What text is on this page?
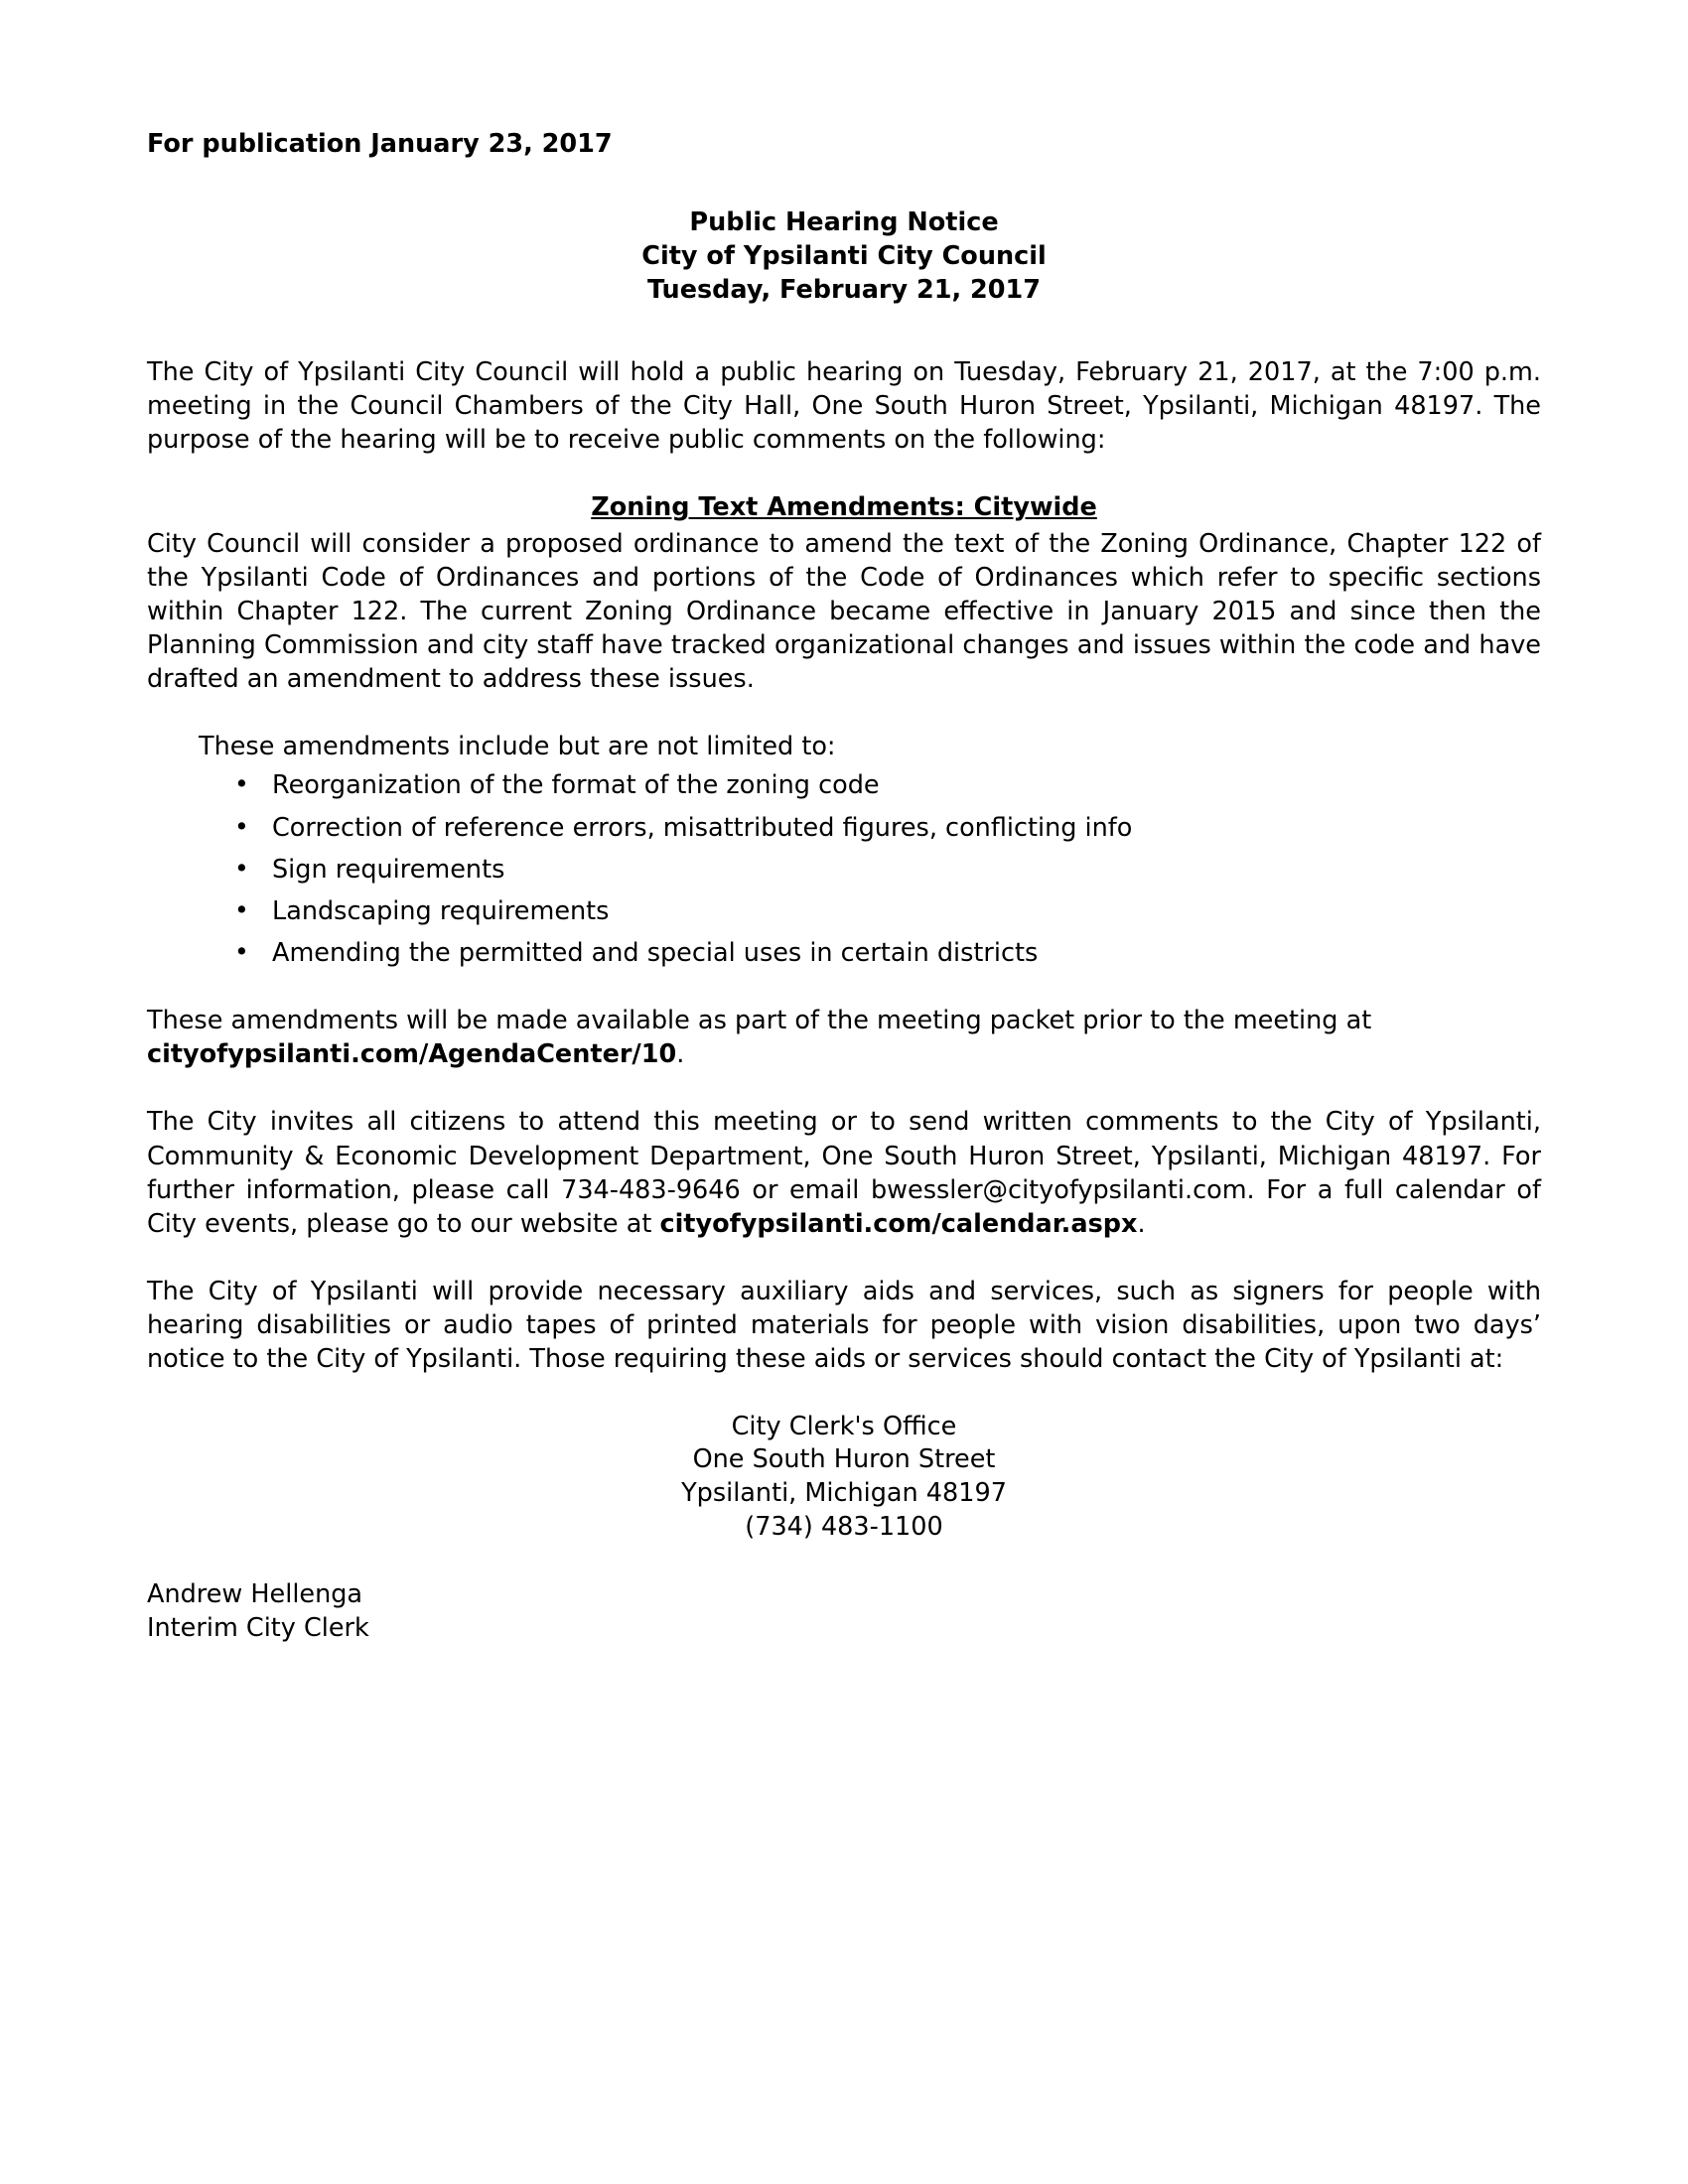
For publication January 23, 2017
Public Hearing Notice
City of Ypsilanti City Council
Tuesday, February 21, 2017

The City of Ypsilanti City Council will hold a public hearing on Tuesday, February 21, 2017, at the 7:00 p.m. meeting in the Council Chambers of the City Hall, One South Huron Street, Ypsilanti, Michigan 48197. The purpose of the hearing will be to receive public comments on the following:

Zoning Text Amendments: Citywide

City Council will consider a proposed ordinance to amend the text of the Zoning Ordinance, Chapter 122 of the Ypsilanti Code of Ordinances and portions of the Code of Ordinances which refer to specific sections within Chapter 122. The current Zoning Ordinance became effective in January 2015 and since then the Planning Commission and city staff have tracked organizational changes and issues within the code and have drafted an amendment to address these issues.

These amendments include but are not limited to:
• Reorganization of the format of the zoning code
• Correction of reference errors, misattributed figures, conflicting info
• Sign requirements
• Landscaping requirements
• Amending the permitted and special uses in certain districts

These amendments will be made available as part of the meeting packet prior to the meeting at cityofypsilanti.com/AgendaCenter/10.

The City invites all citizens to attend this meeting or to send written comments to the City of Ypsilanti, Community & Economic Development Department, One South Huron Street, Ypsilanti, Michigan 48197. For further information, please call 734-483-9646 or email bwessler@cityofypsilanti.com. For a full calendar of City events, please go to our website at cityofypsilanti.com/calendar.aspx.

The City of Ypsilanti will provide necessary auxiliary aids and services, such as signers for people with hearing disabilities or audio tapes of printed materials for people with vision disabilities, upon two days’ notice to the City of Ypsilanti. Those requiring these aids or services should contact the City of Ypsilanti at:

City Clerk's Office
One South Huron Street
Ypsilanti, Michigan 48197
(734) 483-1100
Andrew Hellenga
Interim City Clerk
